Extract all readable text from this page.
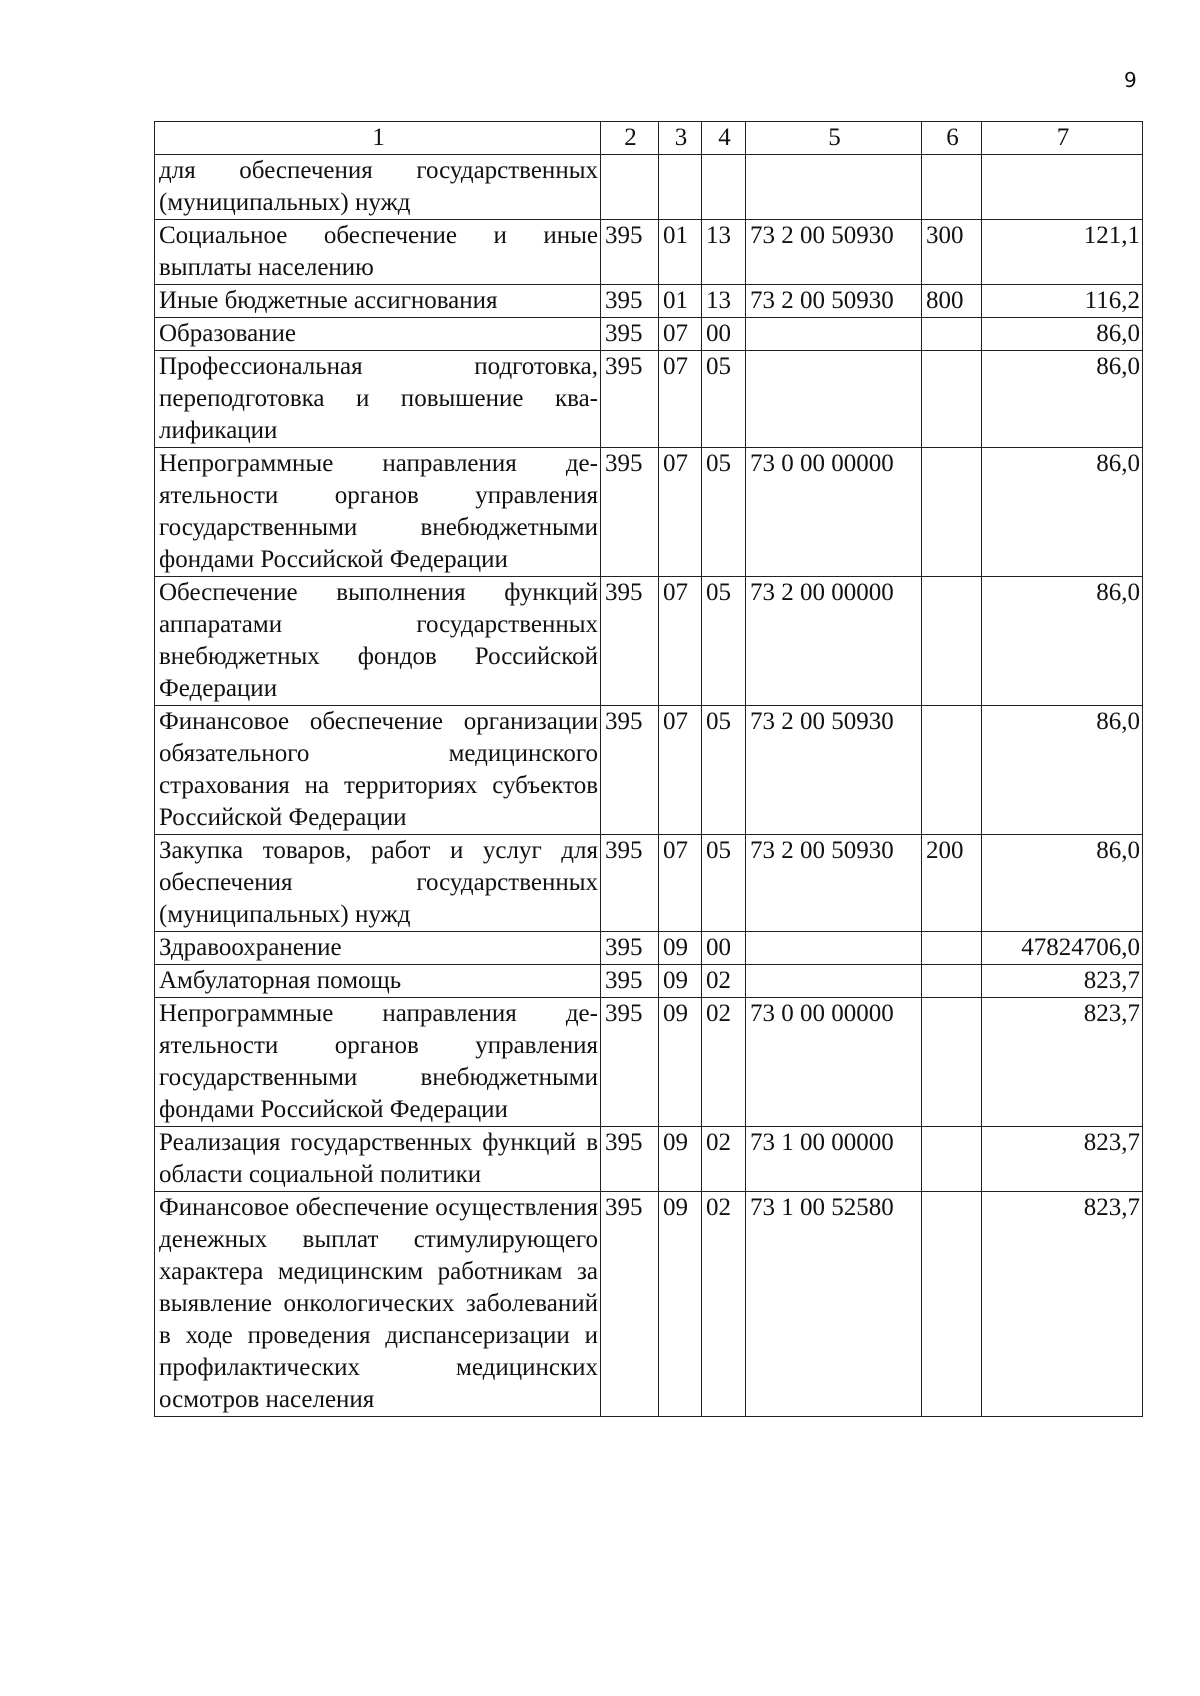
9
1	2	3	4	5	6	7
для обеспечения государственных (муниципальных) нужд						
Социальное обеспечение и иные выплаты населению	395	01	13	73 2 00 50930	300	121,1
Иные бюджетные ассигнования	395	01	13	73 2 00 50930	800	116,2
Образование	395	07	00			86,0
Профессиональная подготовка, переподготовка и повышение квалификации	395	07	05			86,0
Непрограммные направления деятельности органов управления государственными внебюджетными фондами Российской Федерации	395	07	05	73 0 00 00000		86,0
Обеспечение выполнения функций аппаратами государственных внебюджетных фондов Российской Федерации	395	07	05	73 2 00 00000		86,0
Финансовое обеспечение организации обязательного медицинского страхования на территориях субъектов Российской Федерации	395	07	05	73 2 00 50930		86,0
Закупка товаров, работ и услуг для обеспечения государственных (муниципальных) нужд	395	07	05	73 2 00 50930	200	86,0
Здравоохранение	395	09	00			47824706,0
Амбулаторная помощь	395	09	02			823,7
Непрограммные направления деятельности органов управления государственными внебюджетными фондами Российской Федерации	395	09	02	73 0 00 00000		823,7
Реализация государственных функций в области социальной политики	395	09	02	73 1 00 00000		823,7
Финансовое обеспечение осуществления денежных выплат стимулирующего характера медицинским работникам за выявление онкологических заболеваний в ходе проведения диспансеризации и профилактических медицинских осмотров населения	395	09	02	73 1 00 52580		823,7
